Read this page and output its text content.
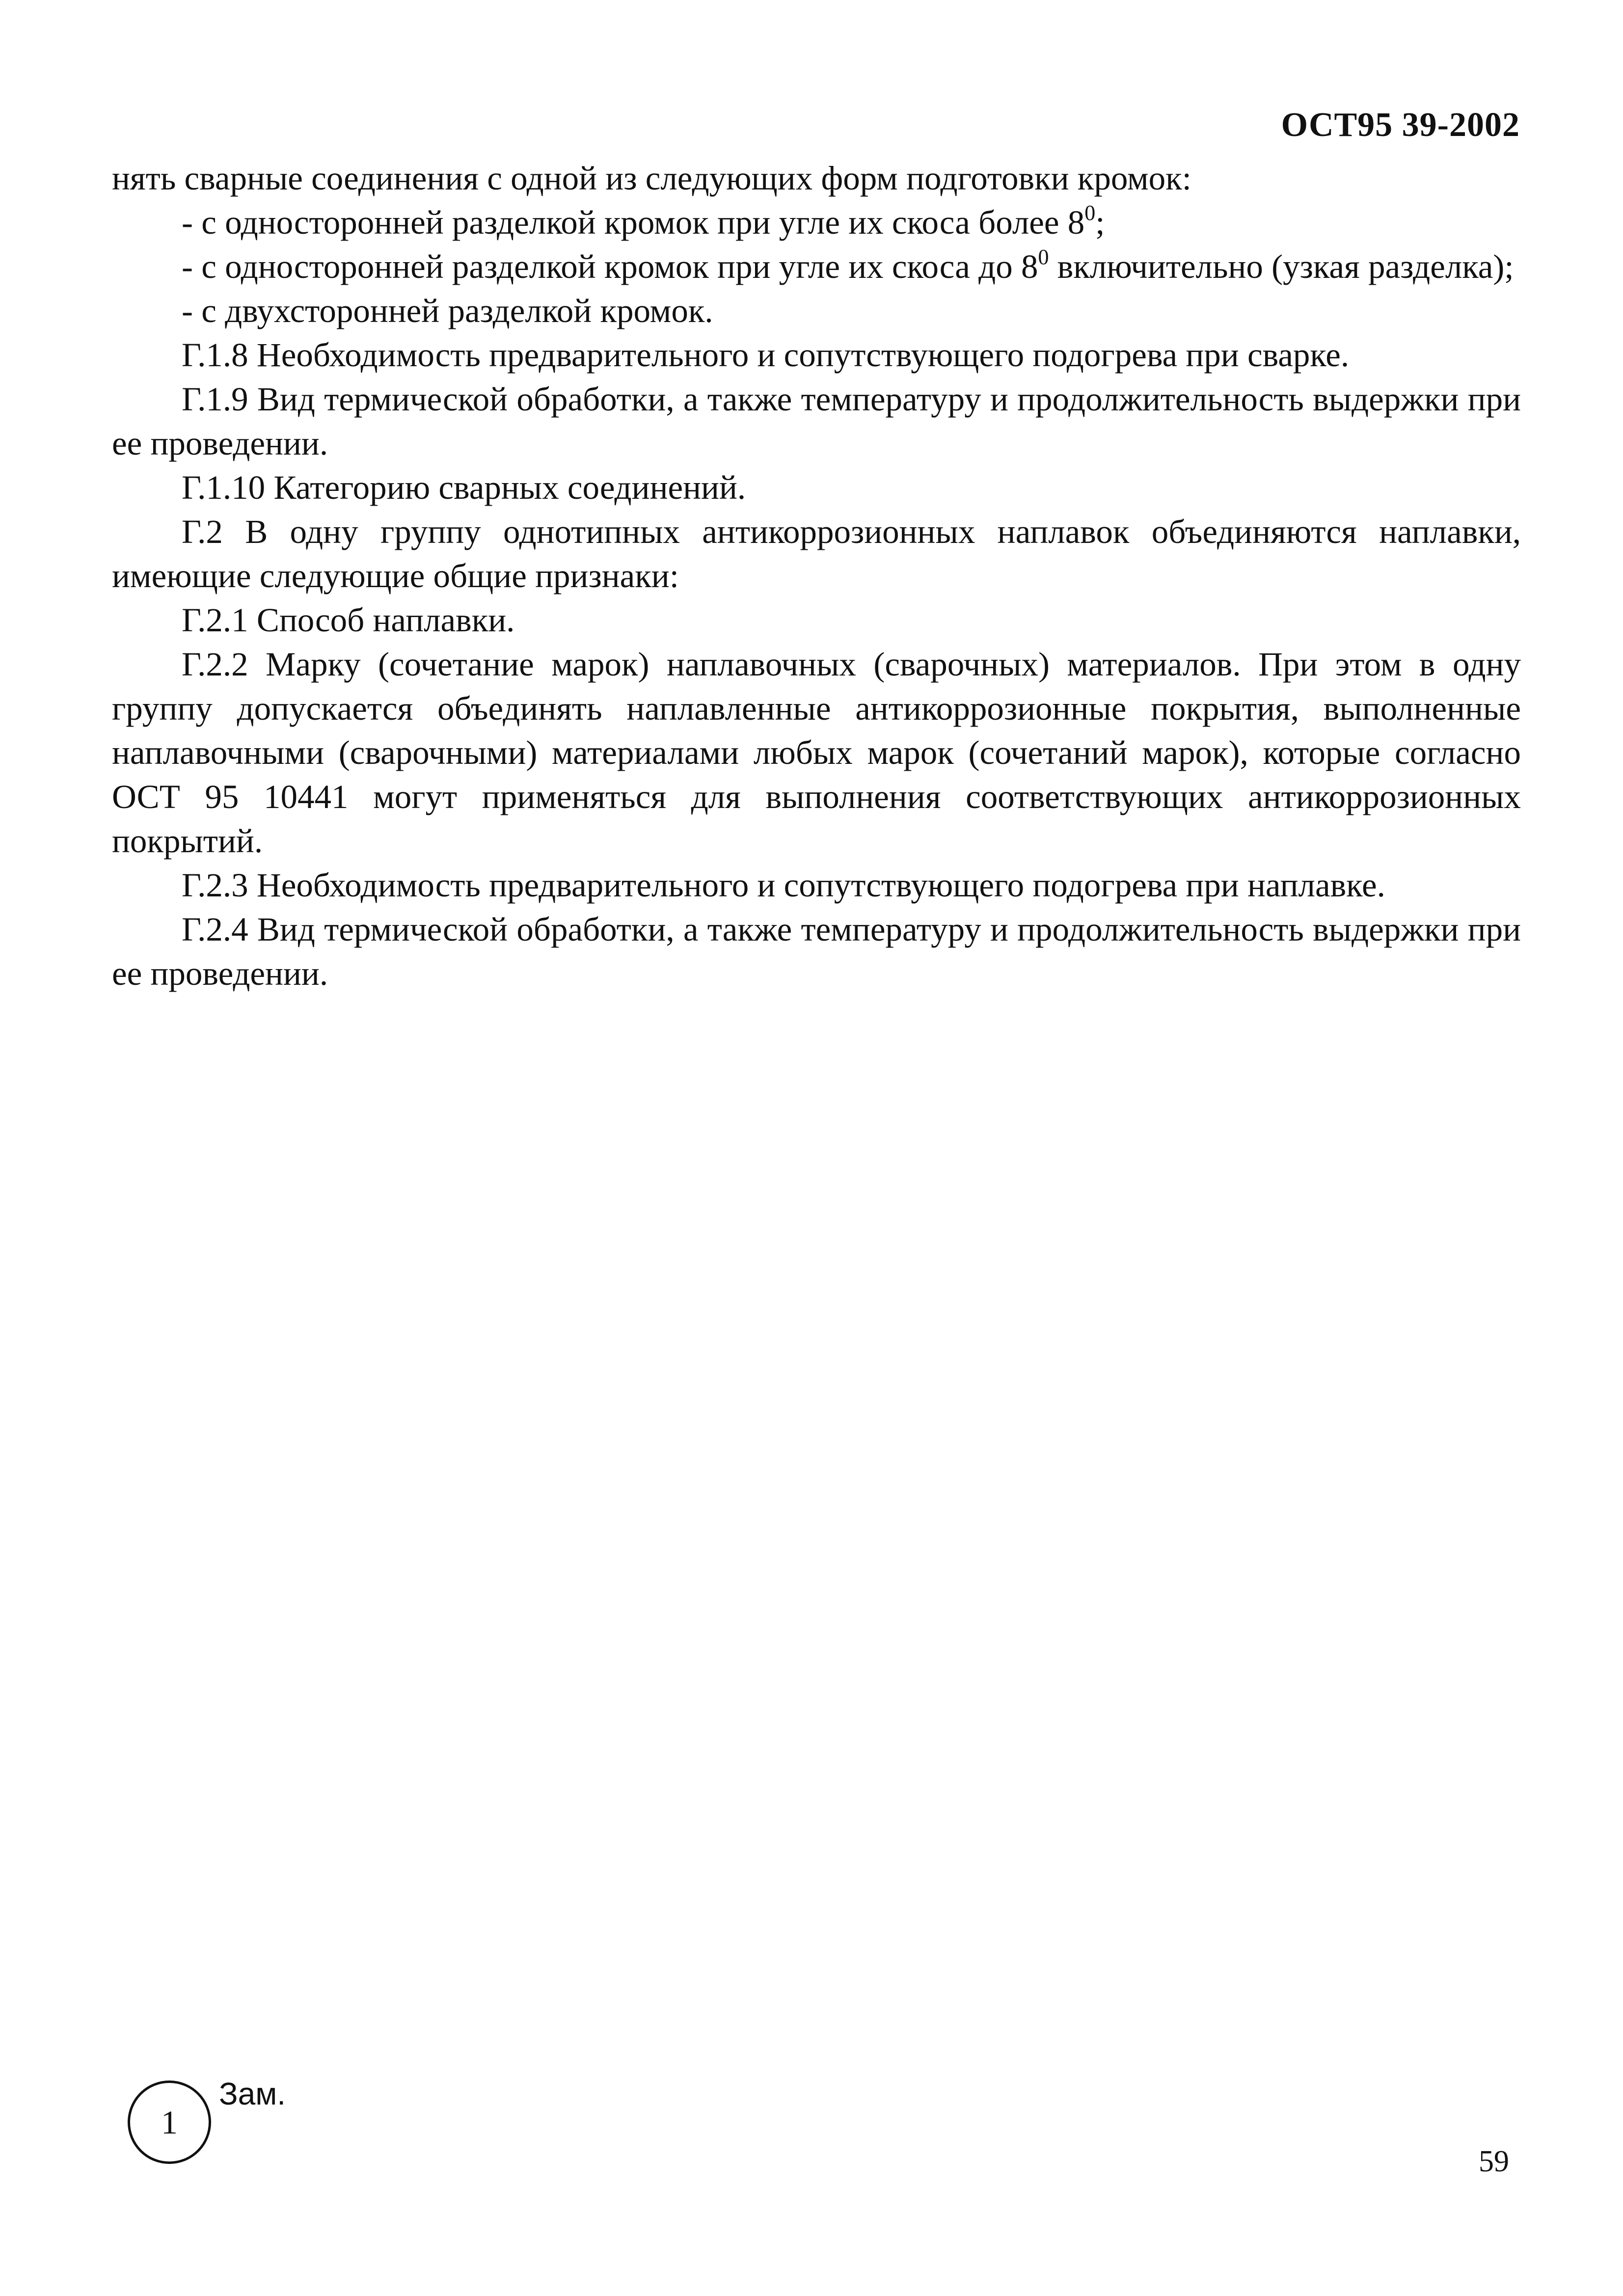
ОСТ95 39-2002

нять сварные соединения с одной из следующих форм подготовки кромок:

- с односторонней разделкой кромок при угле их скоса более $8^0$;

- с односторонней разделкой кромок при угле их скоса до $8^0$ включительно (узкая разделка);

- с двухсторонней разделкой кромок.

Г.1.8 Необходимость предварительного и сопутствующего подогрева при сварке.

Г.1.9 Вид термической обработки, а также температуру и продолжительность выдержки при ее проведении.

Г.1.10 Категорию сварных соединений.

Г.2 В одну группу однотипных антикоррозионных наплавок объединяются наплавки, имеющие следующие общие признаки:

Г.2.1 Способ наплавки.

Г.2.2 Марку (сочетание марок) наплавочных (сварочных) материалов. При этом в одну группу допускается объединять наплавленные антикоррозионные покрытия, выполненные наплавочными (сварочными) материалами любых марок (сочетаний марок), которые согласно ОСТ 95 10441 могут применяться для выполнения соответствующих антикоррозионных покрытий.

Г.2.3 Необходимость предварительного и сопутствующего подогрева при наплавке.

Г.2.4 Вид термической обработки, а также температуру и продолжительность выдержки при ее проведении.

1
Зам.
59
